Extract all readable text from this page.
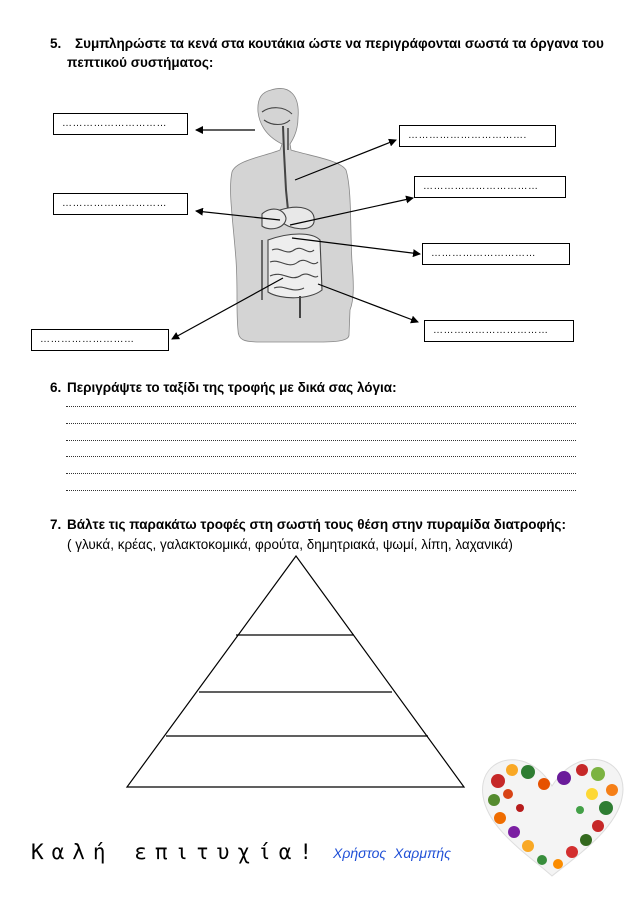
5. Συμπληρώστε τα κενά στα κουτάκια ώστε να περιγράφονται σωστά τα όργανα του
πεπτικού συστήματος:
…………………………
…………………………
………………………
…………………………….
……………………………
…………………………
……………………………
6. Περιγράψτε το ταξίδι της τροφής με δικά σας λόγια:
7. Βάλτε τις παρακάτω τροφές στη σωστή τους θέση στην πυραμίδα διατροφής:
( γλυκά, κρέας, γαλακτοκομικά, φρούτα, δημητριακά, ψωμί, λίπη, λαχανικά)
Καλή επιτυχία! Χρήστος  Χαρμπής
